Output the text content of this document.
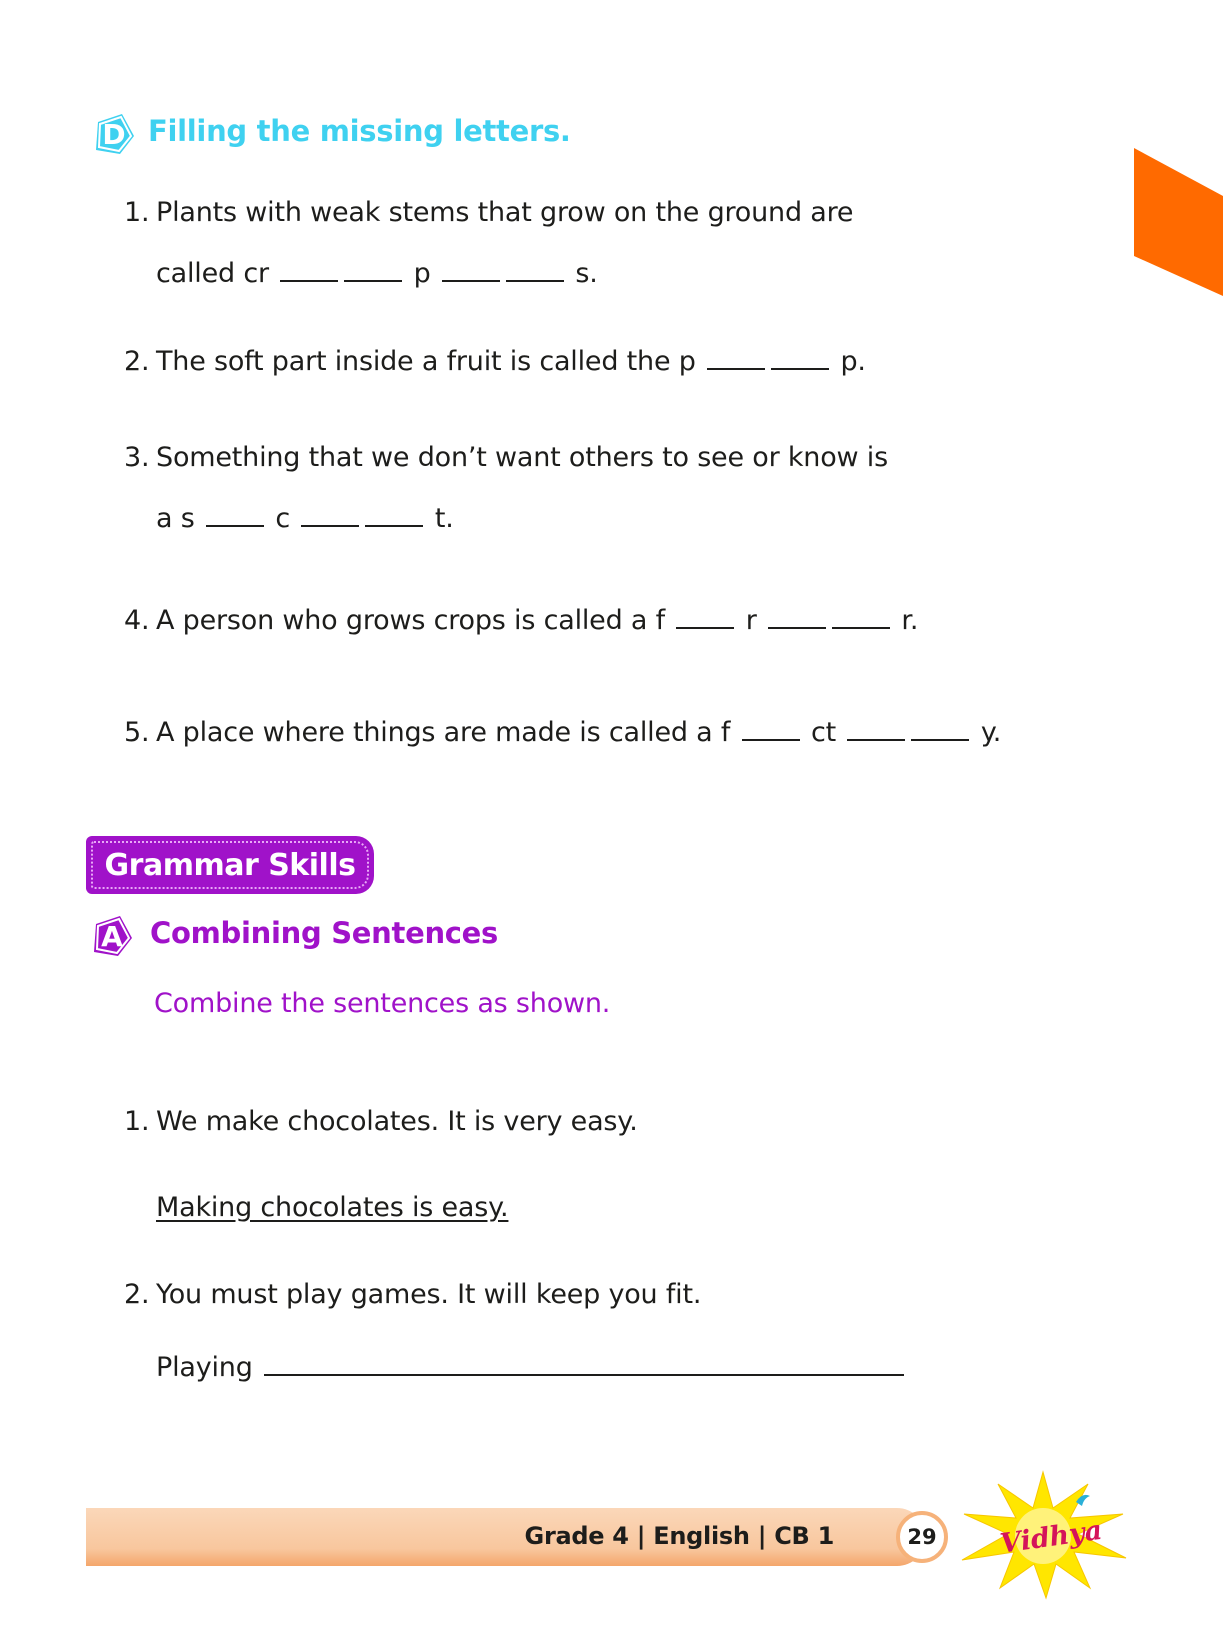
D Filling the missing letters.
1. Plants with weak stems that grow on the ground are
called cr	p	s.
2. The soft part inside a fruit is called the p	p.
3. Something that we don’t want others to see or know is
a s	c	t.
4. A person who grows crops is called a f	r	r.
5. A place where things are made is called a f	ct	y.
Grammar Skills
A Combining Sentences
Combine the sentences as shown.
1. We make chocolates. It is very easy.
Making chocolates is easy.
2. You must play games. It will keep you fit.
Playing
Grade 4 | English | CB 1	29	Vidhya
